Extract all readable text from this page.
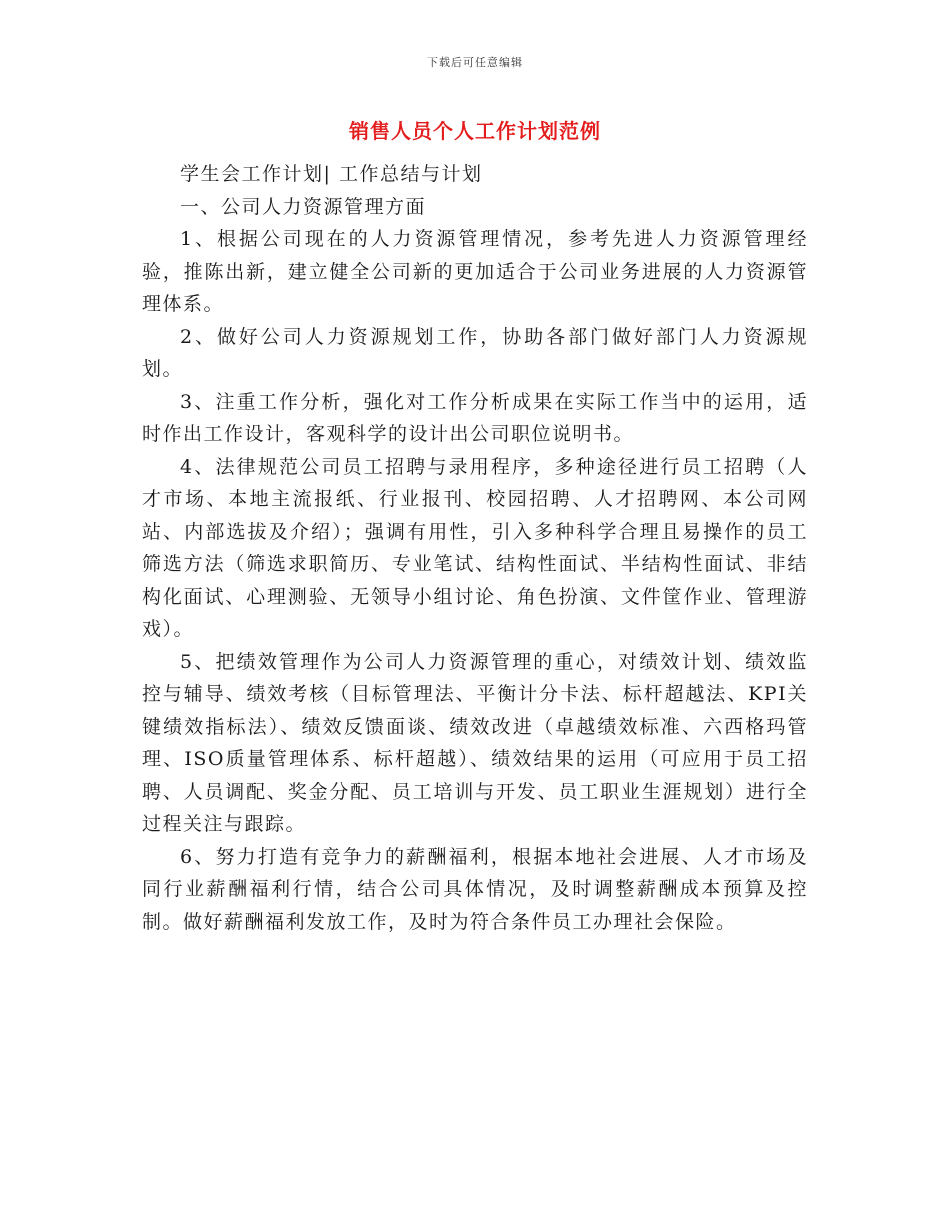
下载后可任意编辑
销售人员个人工作计划范例

学生会工作计划| 工作总结与计划

一、公司人力资源管理方面

1、根据公司现在的人力资源管理情况，参考先进人力资源管理经验，推陈出新，建立健全公司新的更加适合于公司业务进展的人力资源管理体系。

2、做好公司人力资源规划工作，协助各部门做好部门人力资源规划。

3、注重工作分析，强化对工作分析成果在实际工作当中的运用，适时作出工作设计，客观科学的设计出公司职位说明书。

4、法律规范公司员工招聘与录用程序，多种途径进行员工招聘（人才市场、本地主流报纸、行业报刊、校园招聘、人才招聘网、本公司网站、内部选拔及介绍）；强调有用性，引入多种科学合理且易操作的员工筛选方法（筛选求职简历、专业笔试、结构性面试、半结构性面试、非结构化面试、心理测验、无领导小组讨论、角色扮演、文件筐作业、管理游戏）。

5、把绩效管理作为公司人力资源管理的重心，对绩效计划、绩效监控与辅导、绩效考核（目标管理法、平衡计分卡法、标杆超越法、KPI关键绩效指标法）、绩效反馈面谈、绩效改进（卓越绩效标准、六西格玛管理、ISO质量管理体系、标杆超越）、绩效结果的运用（可应用于员工招聘、人员调配、奖金分配、员工培训与开发、员工职业生涯规划）进行全过程关注与跟踪。

6、努力打造有竞争力的薪酬福利，根据本地社会进展、人才市场及同行业薪酬福利行情，结合公司具体情况，及时调整薪酬成本预算及控制。做好薪酬福利发放工作，及时为符合条件员工办理社会保险。
